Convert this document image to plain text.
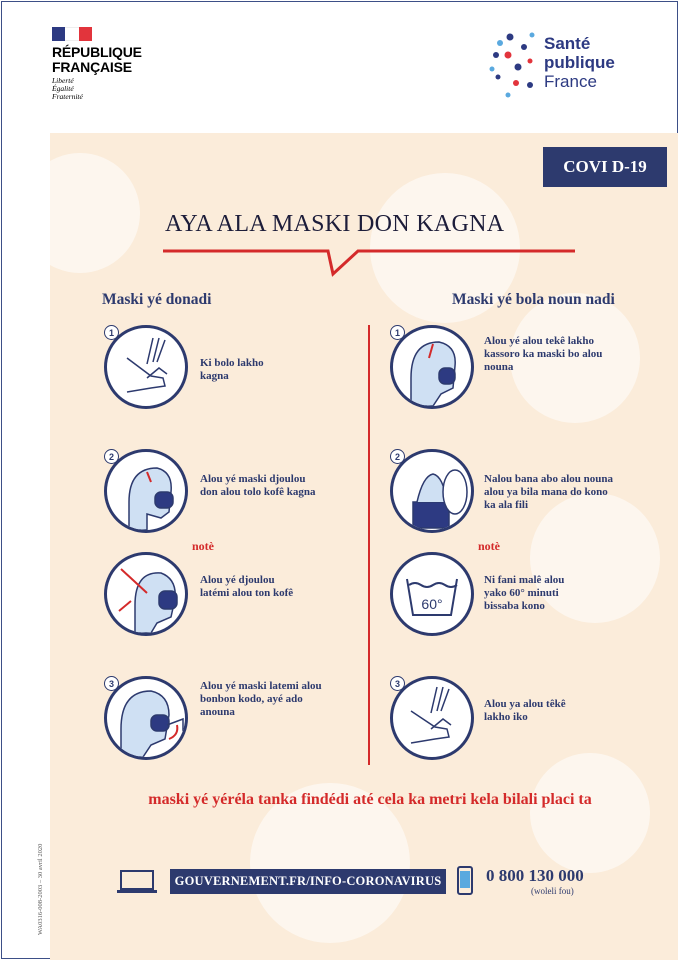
RÉPUBLIQUE
FRANÇAISE
Liberté
Égalité
Fraternité
Santé
publique
France
COVI D-19
AYA ALA MASKI DON KAGNA
Maski yé donadi	Maski yé bola noun nadi
1
Ki bolo lakho kagna
2
Alou yé maski djoulou don alou tolo kofê kagna
notè
Alou yé djoulou latémi alou ton kofê
3	Alou yé maski latemi alou bonbon kodo, ayé ado anouna
1
Alou yé alou tekê lakho kassoro ka maski bo alou nouna
2
Nalou bana abo alou nouna alou ya bila mana do kono ka ala fili
notè
60°
Ni fani malê alou yako 60° minuti bissaba kono
3
Alou ya alou têkê lakho iko
maski yé yéréla tanka findédi até cela ka metri kela bilali placi ta
GOUVERNEMENT.FR/INFO-CORONAVIRUS	0 800 130 000
(woleli fou)
WA0316-008-2003 – 30 avril 2020
